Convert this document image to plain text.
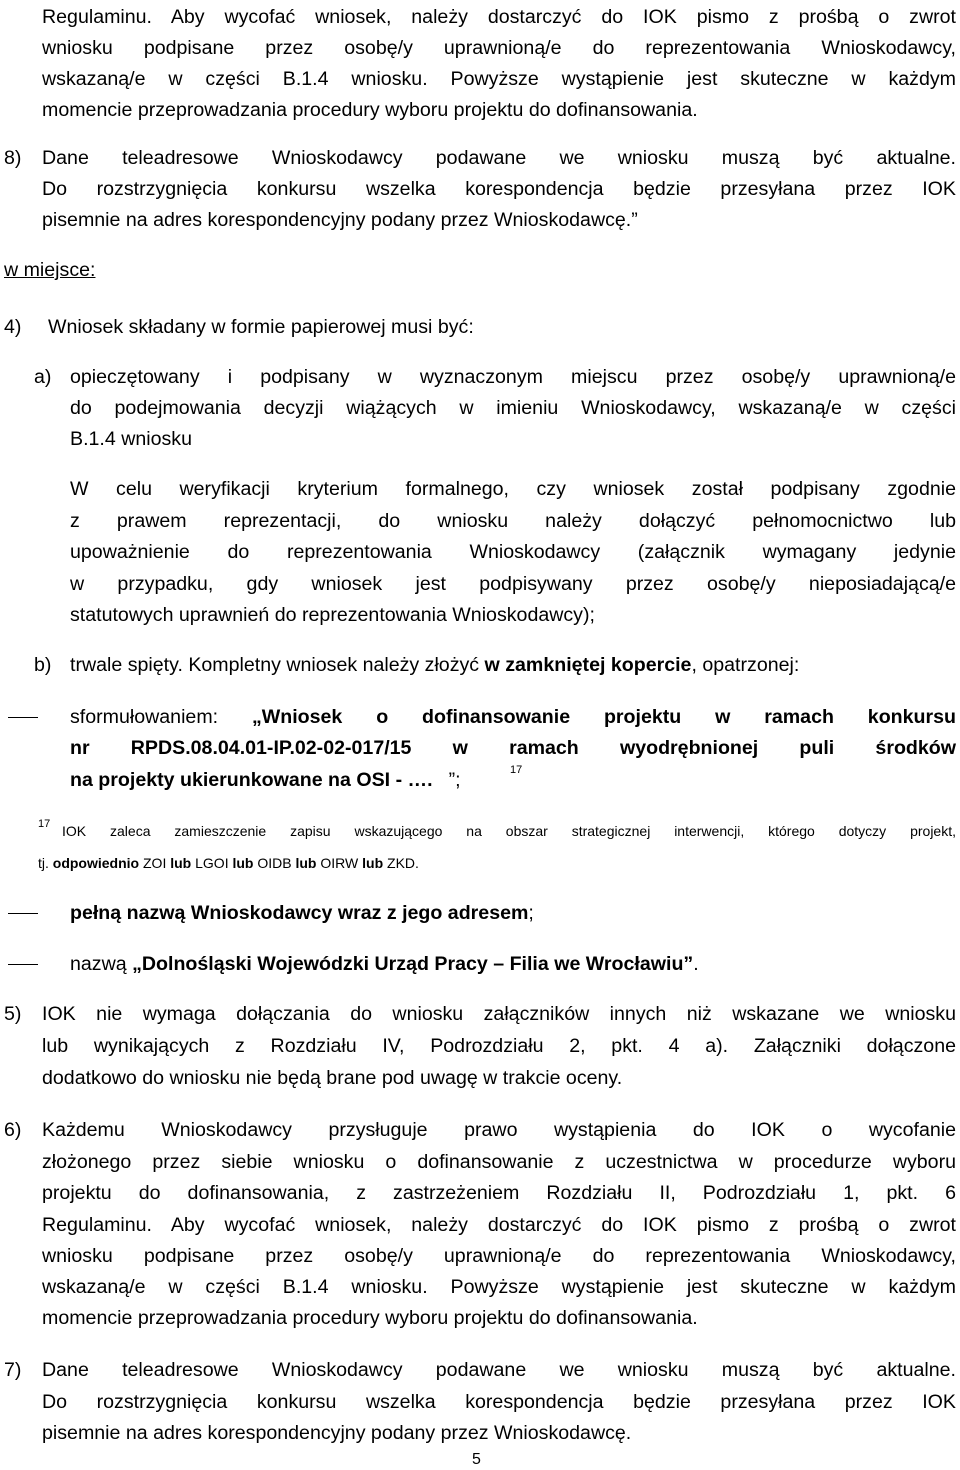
Regulaminu. Aby wycofać wniosek, należy dostarczyć do IOK pismo z prośbą o zwrot
wniosku podpisane przez osobę/y uprawnioną/e do reprezentowania Wnioskodawcy,
wskazaną/e w części B.1.4 wniosku. Powyższe wystąpienie jest skuteczne w każdym
momencie przeprowadzania procedury wyboru projektu do dofinansowania.
8) Dane teleadresowe Wnioskodawcy podawane we wniosku muszą być aktualne.
Do rozstrzygnięcia konkursu wszelka korespondencja będzie przesyłana przez IOK
pisemnie na adres korespondencyjny podany przez Wnioskodawcę.”
w miejsce:
4) Wniosek składany w formie papierowej musi być:
a) opieczętowany i podpisany w wyznaczonym miejscu przez osobę/y uprawnioną/e
do podejmowania decyzji wiążących w imieniu Wnioskodawcy, wskazaną/e w części
B.1.4 wniosku
W celu weryfikacji kryterium formalnego, czy wniosek został podpisany zgodnie
z prawem reprezentacji, do wniosku należy dołączyć pełnomocnictwo lub
upoważnienie do reprezentowania Wnioskodawcy (załącznik wymagany jedynie
w przypadku, gdy wniosek jest podpisywany przez osobę/y nieposiadającą/e
statutowych uprawnień do reprezentowania Wnioskodawcy);
b) trwale spięty. Kompletny wniosek należy złożyć w zamkniętej kopercie, opatrzonej:
sformułowaniem: „Wniosek o dofinansowanie projektu w ramach konkursu
nr RPDS.08.04.01-IP.02-02-017/15 w ramach wyodrębnionej puli środków
na projekty ukierunkowane na OSI - …. ”;	17
17 IOK zaleca zamieszczenie zapisu wskazującego na obszar strategicznej interwencji, którego dotyczy projekt,
tj. odpowiednio ZOI lub LGOI lub OIDB lub OIRW lub ZKD.
pełną nazwą Wnioskodawcy wraz z jego adresem;
nazwą „Dolnośląski Wojewódzki Urząd Pracy – Filia we Wrocławiu”.
5) IOK nie wymaga dołączania do wniosku załączników innych niż wskazane we wniosku
lub wynikających z Rozdziału IV, Podrozdziału 2, pkt. 4 a). Załączniki dołączone
dodatkowo do wniosku nie będą brane pod uwagę w trakcie oceny.
6) Każdemu Wnioskodawcy przysługuje prawo wystąpienia do IOK o wycofanie
złożonego przez siebie wniosku o dofinansowanie z uczestnictwa w procedurze wyboru
projektu do dofinansowania, z zastrzeżeniem Rozdziału II, Podrozdziału 1, pkt. 6
Regulaminu. Aby wycofać wniosek, należy dostarczyć do IOK pismo z prośbą o zwrot
wniosku podpisane przez osobę/y uprawnioną/e do reprezentowania Wnioskodawcy,
wskazaną/e w części B.1.4 wniosku. Powyższe wystąpienie jest skuteczne w każdym
momencie przeprowadzania procedury wyboru projektu do dofinansowania.
7) Dane teleadresowe Wnioskodawcy podawane we wniosku muszą być aktualne.
Do rozstrzygnięcia konkursu wszelka korespondencja będzie przesyłana przez IOK
pisemnie na adres korespondencyjny podany przez Wnioskodawcę.
5
